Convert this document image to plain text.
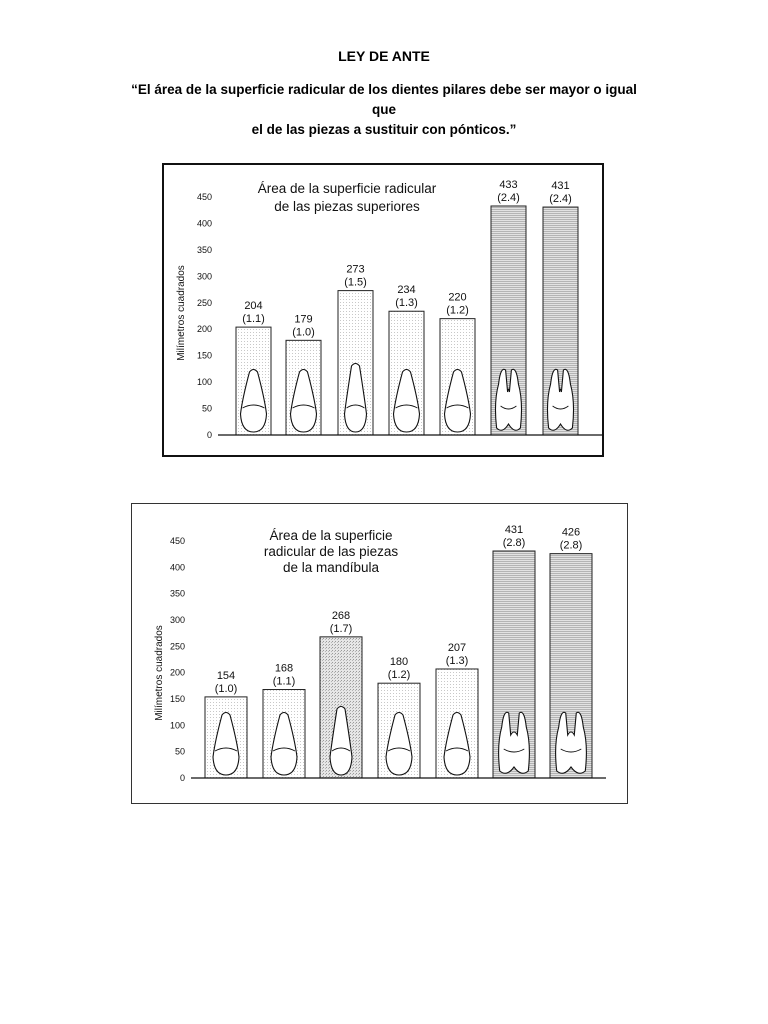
LEY DE ANTE
“El área de la superficie radicular de los dientes pilares debe ser mayor o igual que
el de las piezas a sustituir con pónticos.”
Área de la superficie radicular
de las piezas superiores
Milímetros cuadrados
0
50
100
150
200
250
300
350
400
450
204
(1.1)	179
(1.0)
273
(1.5)
234
(1.3)	220
(1.2)
433
(2.4)
431
(2.4)
Área de la superficie
radicular de las piezas
de la mandíbula
Milímetros cuadrados
0
50
100
150
200
250
300
350
400
450
154
(1.0)
168
(1.1)
268
(1.7)
180
(1.2)
207
(1.3)
431
(2.8)
426
(2.8)
